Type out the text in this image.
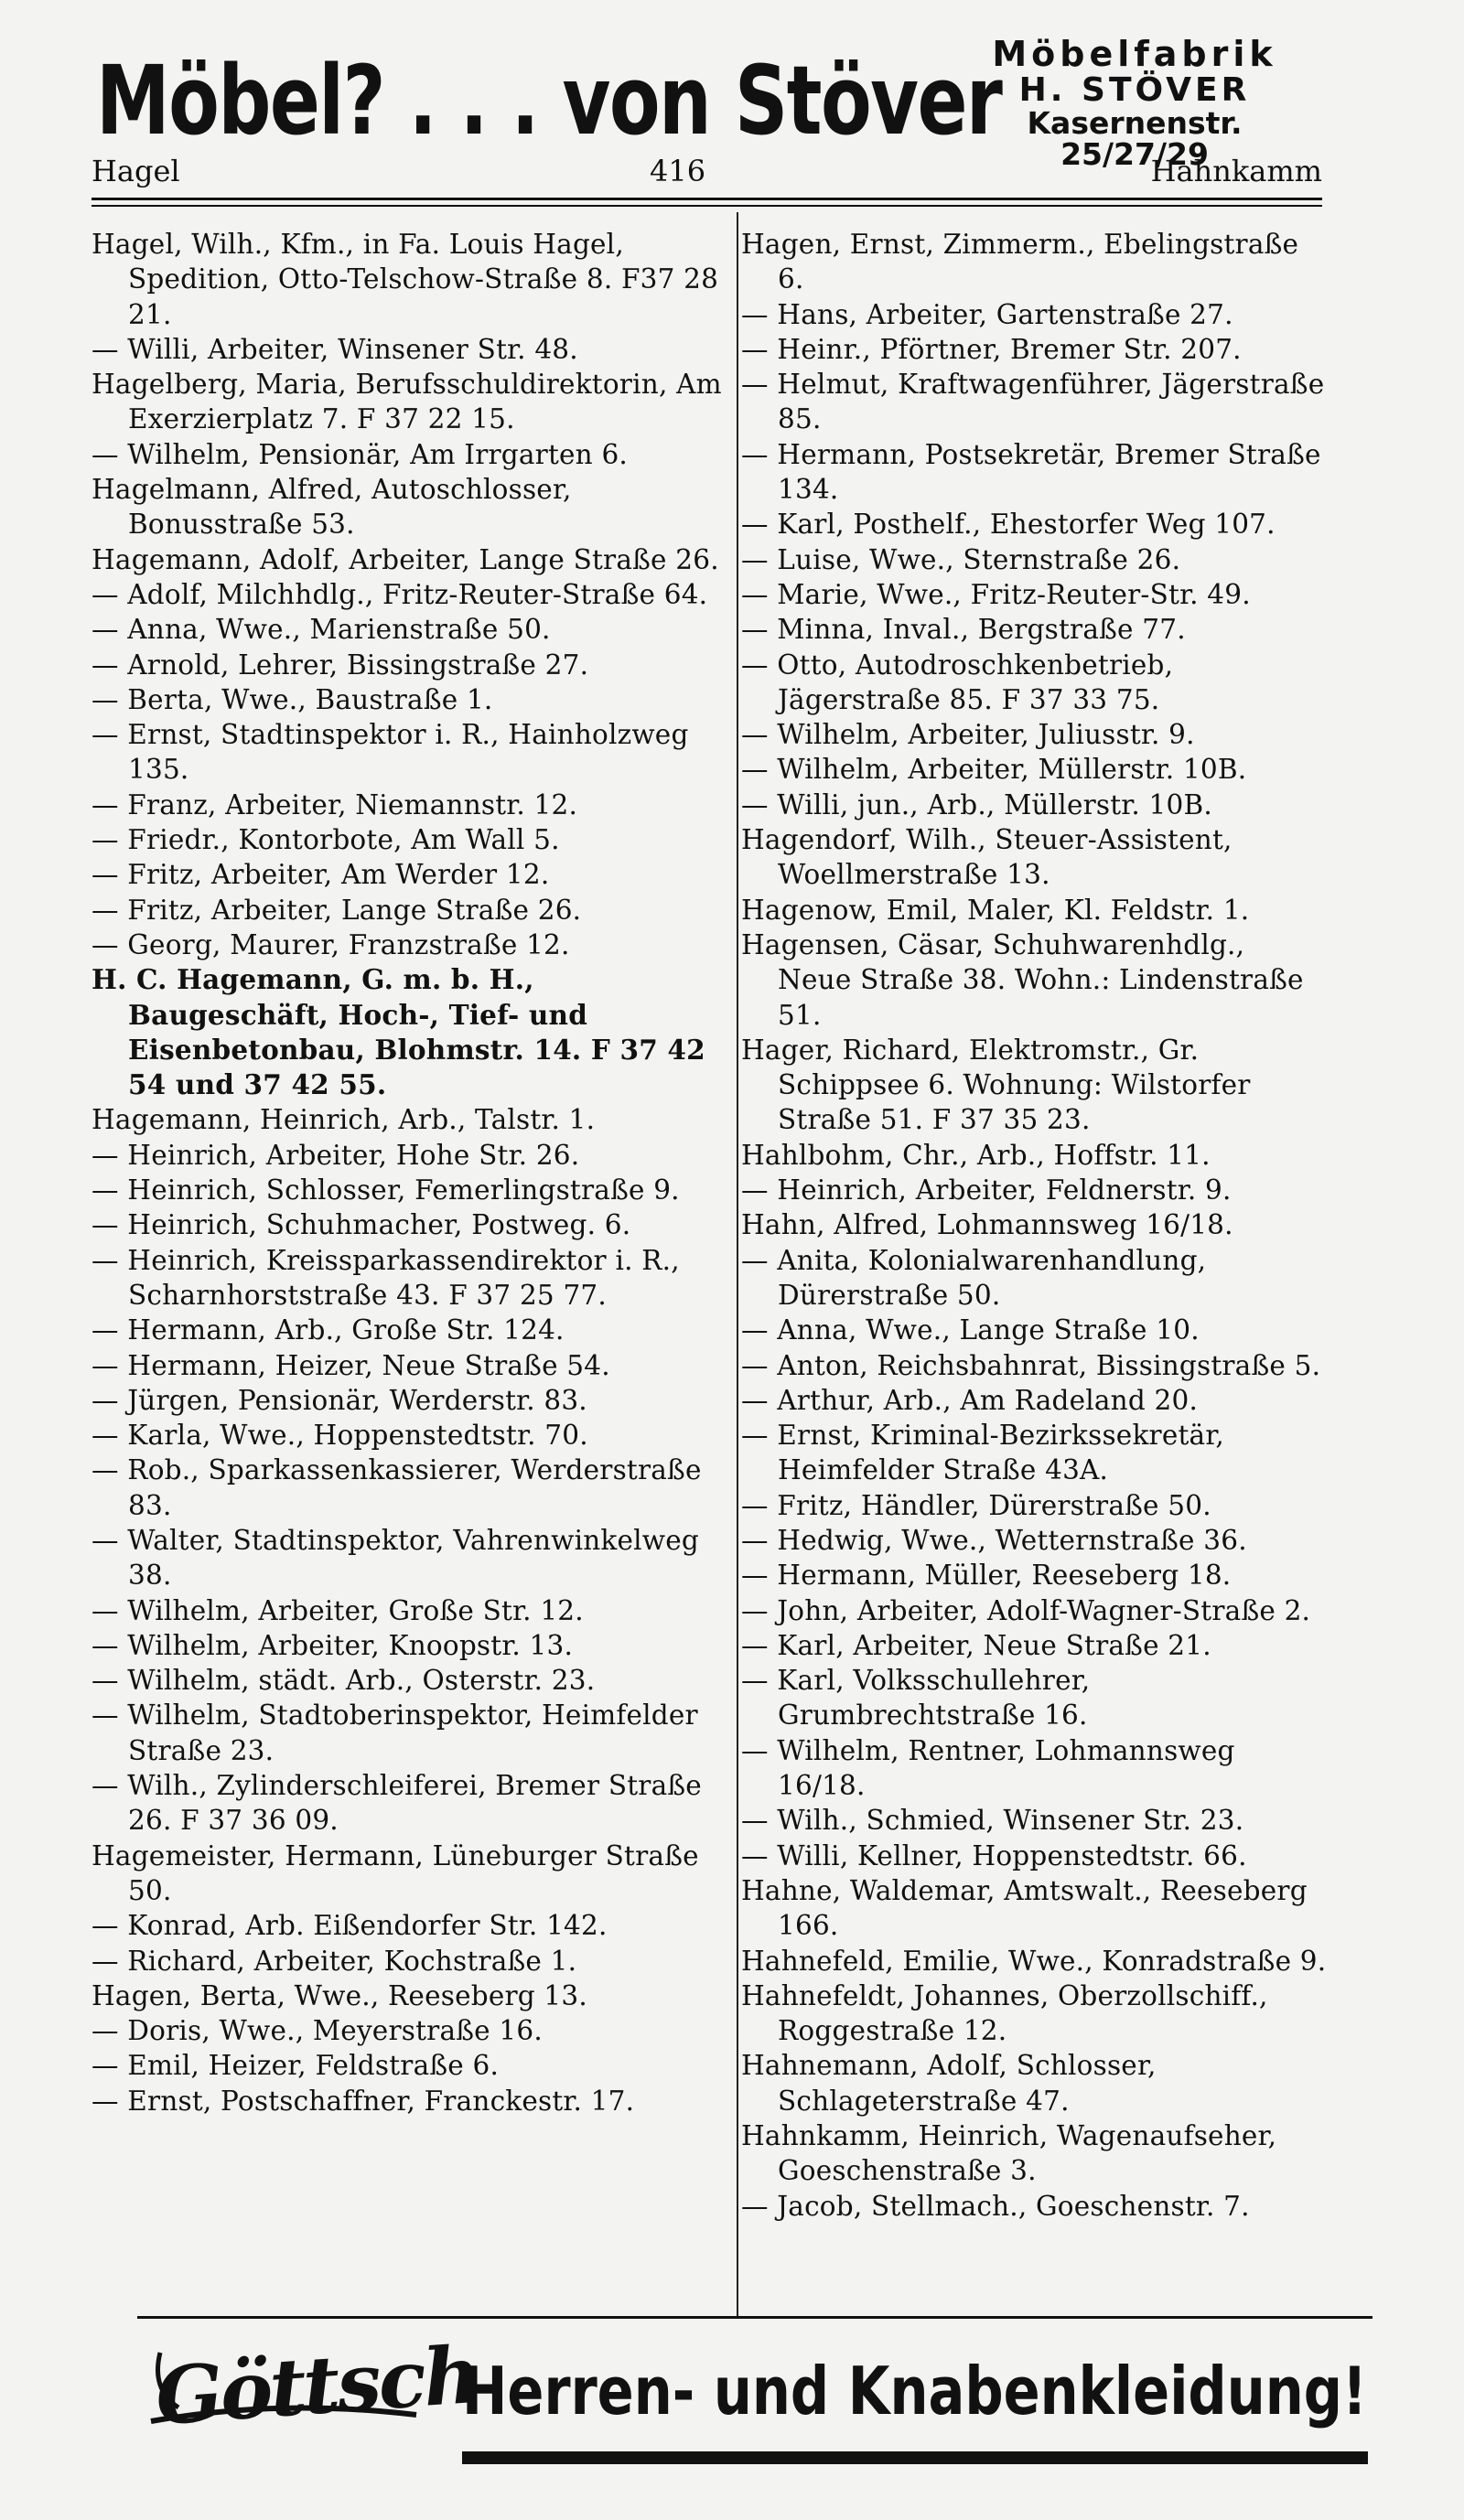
Möbel? . . . von Stöver
Möbelfabrik
H. STÖVER
Kasernenstr. 25/27/29
Hagel	416	Hahnkamm

Hagel, Wilh., Kfm., in Fa. Louis Hagel, Spedition, Otto-Telschow-Straße 8. F37 28 21.

— Willi, Arbeiter, Winsener Str. 48.

Hagelberg, Maria, Berufsschuldirektorin, Am Exerzierplatz 7. F 37 22 15.

— Wilhelm, Pensionär, Am Irrgarten 6.

Hagelmann, Alfred, Autoschlosser, Bonusstraße 53.

Hagemann, Adolf, Arbeiter, Lange Straße 26.

— Adolf, Milchhdlg., Fritz-Reuter-Straße 64.

— Anna, Wwe., Marienstraße 50.

— Arnold, Lehrer, Bissingstraße 27.

— Berta, Wwe., Baustraße 1.

— Ernst, Stadtinspektor i. R., Hainholzweg 135.

— Franz, Arbeiter, Niemannstr. 12.

— Friedr., Kontorbote, Am Wall 5.

— Fritz, Arbeiter, Am Werder 12.

— Fritz, Arbeiter, Lange Straße 26.

— Georg, Maurer, Franzstraße 12.

H. C. Hagemann, G. m. b. H., Baugeschäft, Hoch-, Tief- und Eisenbetonbau, Blohmstr. 14. F 37 42 54 und 37 42 55.

Hagemann, Heinrich, Arb., Talstr. 1.

— Heinrich, Arbeiter, Hohe Str. 26.

— Heinrich, Schlosser, Femerlingstraße 9.

— Heinrich, Schuhmacher, Postweg. 6.

— Heinrich, Kreissparkassendirektor i. R., Scharnhorststraße 43. F 37 25 77.

— Hermann, Arb., Große Str. 124.

— Hermann, Heizer, Neue Straße 54.

— Jürgen, Pensionär, Werderstr. 83.

— Karla, Wwe., Hoppenstedtstr. 70.

— Rob., Sparkassenkassierer, Werderstraße 83.

— Walter, Stadtinspektor, Vahrenwinkelweg 38.

— Wilhelm, Arbeiter, Große Str. 12.

— Wilhelm, Arbeiter, Knoopstr. 13.

— Wilhelm, städt. Arb., Osterstr. 23.

— Wilhelm, Stadtoberinspektor, Heimfelder Straße 23.

— Wilh., Zylinderschleiferei, Bremer Straße 26. F 37 36 09.

Hagemeister, Hermann, Lüneburger Straße 50.

— Konrad, Arb. Eißendorfer Str. 142.

— Richard, Arbeiter, Kochstraße 1.

Hagen, Berta, Wwe., Reeseberg 13.

— Doris, Wwe., Meyerstraße 16.

— Emil, Heizer, Feldstraße 6.

— Ernst, Postschaffner, Franckestr. 17.

Hagen, Ernst, Zimmerm., Ebelingstraße 6.

— Hans, Arbeiter, Gartenstraße 27.

— Heinr., Pförtner, Bremer Str. 207.

— Helmut, Kraftwagenführer, Jägerstraße 85.

— Hermann, Postsekretär, Bremer Straße 134.

— Karl, Posthelf., Ehestorfer Weg 107.

— Luise, Wwe., Sternstraße 26.

— Marie, Wwe., Fritz-Reuter-Str. 49.

— Minna, Inval., Bergstraße 77.

— Otto, Autodroschkenbetrieb, Jägerstraße 85. F 37 33 75.

— Wilhelm, Arbeiter, Juliusstr. 9.

— Wilhelm, Arbeiter, Müllerstr. 10B.

— Willi, jun., Arb., Müllerstr. 10B.

Hagendorf, Wilh., Steuer-Assistent, Woellmerstraße 13.

Hagenow, Emil, Maler, Kl. Feldstr. 1.

Hagensen, Cäsar, Schuhwarenhdlg., Neue Straße 38. Wohn.: Lindenstraße 51.

Hager, Richard, Elektromstr., Gr. Schippsee 6. Wohnung: Wilstorfer Straße 51. F 37 35 23.

Hahlbohm, Chr., Arb., Hoffstr. 11.

— Heinrich, Arbeiter, Feldnerstr. 9.

Hahn, Alfred, Lohmannsweg 16/18.

— Anita, Kolonialwarenhandlung, Dürerstraße 50.

— Anna, Wwe., Lange Straße 10.

— Anton, Reichsbahnrat, Bissingstraße 5.

— Arthur, Arb., Am Radeland 20.

— Ernst, Kriminal-Bezirkssekretär, Heimfelder Straße 43A.

— Fritz, Händler, Dürerstraße 50.

— Hedwig, Wwe., Wetternstraße 36.

— Hermann, Müller, Reeseberg 18.

— John, Arbeiter, Adolf-Wagner-Straße 2.

— Karl, Arbeiter, Neue Straße 21.

— Karl, Volksschullehrer, Grumbrechtstraße 16.

— Wilhelm, Rentner, Lohmannsweg 16/18.

— Wilh., Schmied, Winsener Str. 23.

— Willi, Kellner, Hoppenstedtstr. 66.

Hahne, Waldemar, Amtswalt., Reeseberg 166.

Hahnefeld, Emilie, Wwe., Konradstraße 9.

Hahnefeldt, Johannes, Oberzollschiff., Roggestraße 12.

Hahnemann, Adolf, Schlosser, Schlageterstraße 47.

Hahnkamm, Heinrich, Wagenaufseher, Goeschenstraße 3.

— Jacob, Stellmach., Goeschenstr. 7.

Göttsch
Herren- und Knabenkleidung!
